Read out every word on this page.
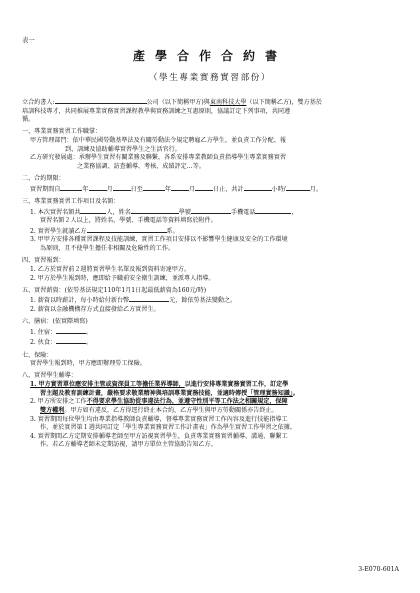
表一
產學合作合約書
（學生專業實務實習部份）

立合約書人:	公司（以下簡稱甲方)與東南科技大學（以下簡稱乙方)，雙方基於

培訓科技專才，共同推展專業實務實習課程教學與實務訓練之互惠原則，協議訂定下列事項，共同遵

循。

一、專業實務實習工作職掌：

甲方管理部門：依中華民國勞動基準法及有關勞動法令規定聘雇乙方學生，並負責工作分配、報

到、訓練及協助輔導實習學生之生活官行。

乙方研究發展處：承辦學生實習有關業務及聯繫，各系安排專業教師負責指導學生專業實務實習

之業務協調、訪查輔導、考核、成績評定…等。

二、合約期限：

實習期間自	年	月	日至	年	月	日止，共計	小時/	月。

三、專業實務實習工作項目及名額：

1. 本次實習名額共	人，姓名	學號	手機電話	，

實習名額２人以上，將姓名、學號、手機電話等資料填寫於附件。

2. 實習學生就讀乙方	系。

3. 甲甲方安排各種實習課程及技能訓練，實習工作項目安排以不影響學生健康及安全的工作環境

為原則，且不使學生擔任非相關及危險性的工作。

四、實習報到：

1. 乙方於實習前２週將實習學生名單及報到資料寄達甲方。

2. 甲方於學生報到時，應即給予職前安全衛生訓練，並派專人指導。

五、實習薪資：(依勞基法規定110年1月1日起最低薪資為160元/時)

1. 薪資以時薪計，每小時給付新台幣	元，餘依勞基法變動之。

2. 薪資以金融機構存方式直接發給乙方實習生。

六、膳宿：(依實際填寫)

1. 住宿：	。

2. 伙食：	。

七、保險：

實習學生報到時，甲方應即辦理勞工保險。

八、實習學生輔導：

1. 甲方實習單位應安排主管或資深員工等擔任業界導師，以進行安排專業實務實習工作，訂定學

習主題及教育訓練計畫，嚴格要求敬業精神與培訓專業實務技能，並適時傳授「管理實務知識」。

2. 甲方所安排之工作不得要求學生協助從事違法行為，並遵守性別平等工作法之相關規定，保障

雙方權利。甲方如有違反，乙方得逕行終止本合約，乙方學生與甲方勞動關係亦告終止。

3. 實習期間每位學生均由專業指導教師負責輔導，督導專業實務實習工作內容及進行技能指導工

作，並於實習第１週共同訂定「學生專業實務實習工作計畫表」作為學生實習工作學習之依據。

4. 實習期間乙方定期安排輔導老師至甲方訪視實習學生，負責專業實務實習輔導、溝通、聯繫工

作。若乙方輔導老師未定期訪視，請甲方單位主管協助告知乙方。

3-E070-601A
